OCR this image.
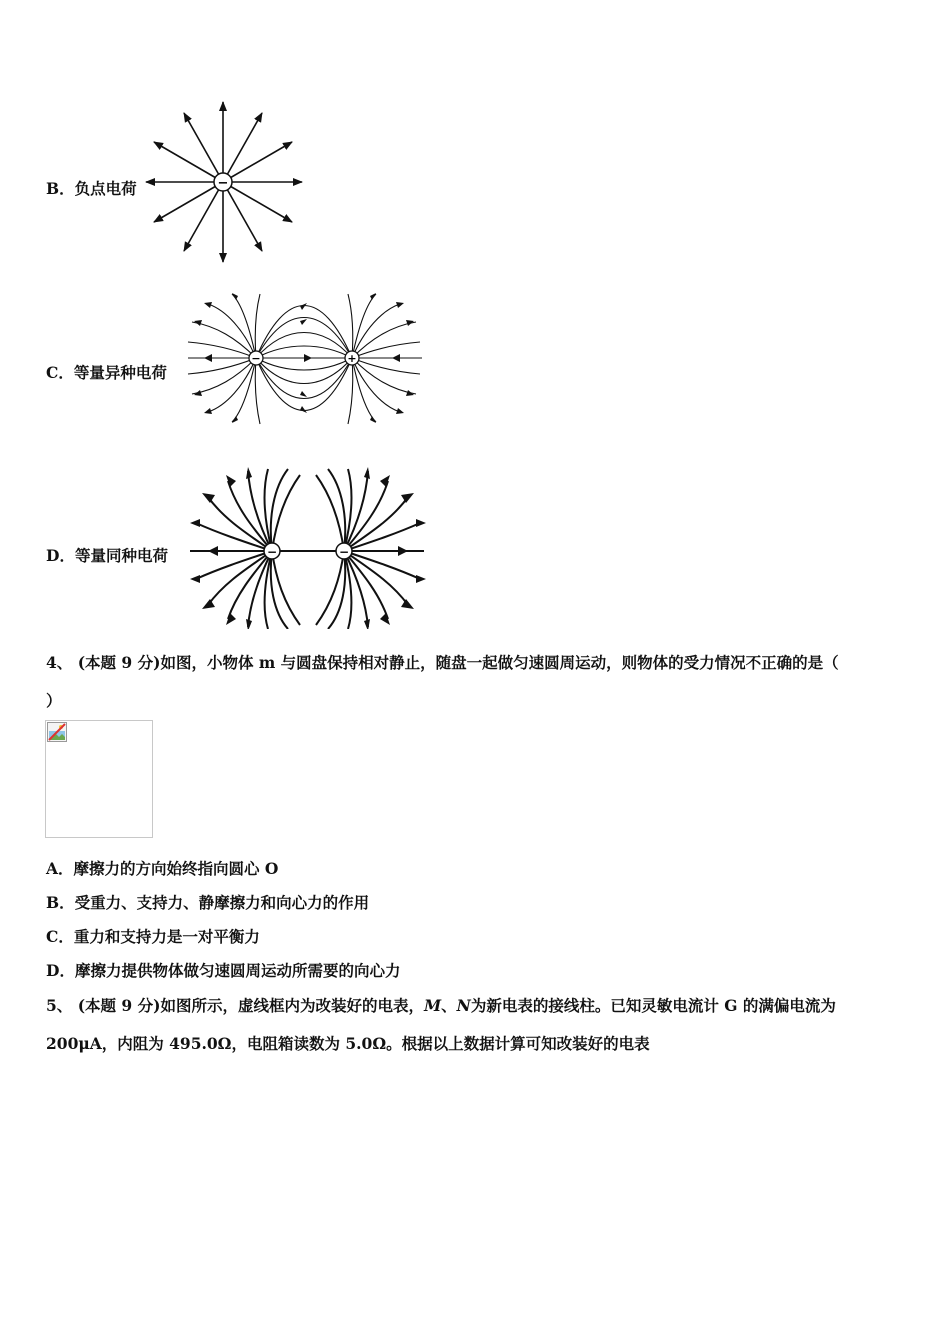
B．负点电荷	−
C．等量异种电荷
−	+
D．等量同种电荷	−	−
4、 (本题 9 分)如图，小物体 m 与圆盘保持相对静止，随盘一起做匀速圆周运动，则物体的受力情况不正确的是（
）
A．摩擦力的方向始终指向圆心 O
B．受重力、支持力、静摩擦力和向心力的作用
C．重力和支持力是一对平衡力
D．摩擦力提供物体做匀速圆周运动所需要的向心力
5、 (本题 9 分)如图所示，虚线框内为改装好的电表，M、N为新电表的接线柱。已知灵敏电流计 G 的满偏电流为
200μA，内阻为 495.0Ω，电阻箱读数为 5.0Ω。根据以上数据计算可知改装好的电表
